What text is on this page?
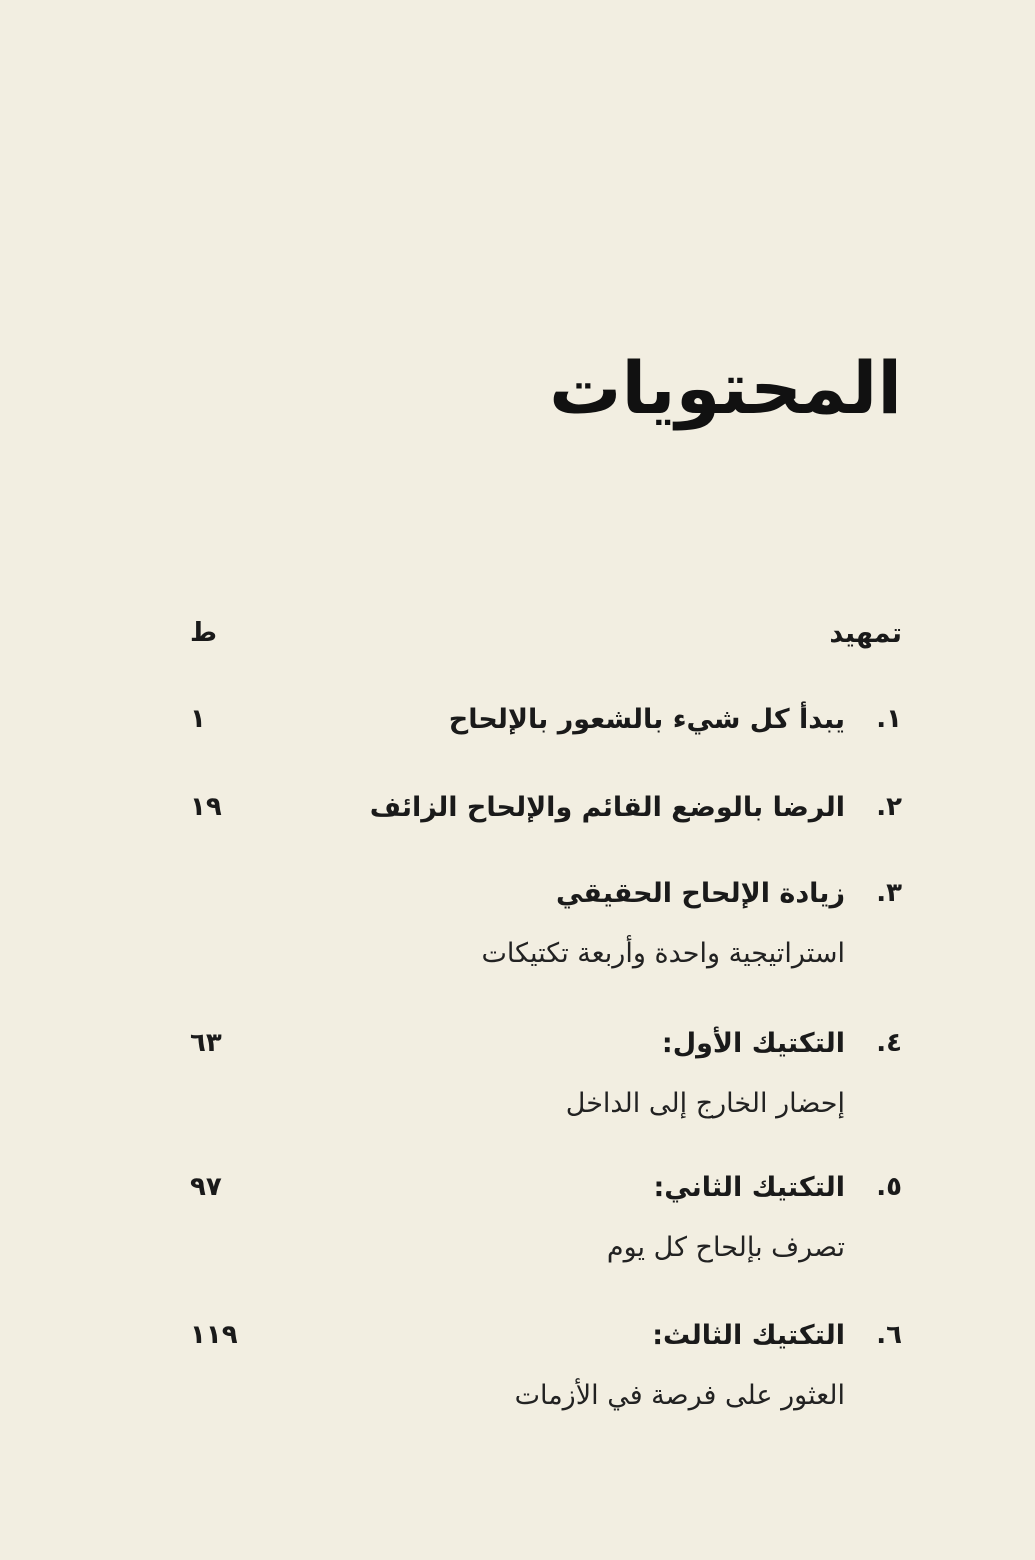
المحتويات
تمهيد
ط
١.
يبدأ كل شيء بالشعور بالإلحاح
١
٢.
الرضا بالوضع القائم والإلحاح الزائف
١٩
٣.
زيادة الإلحاح الحقيقي
استراتيجية واحدة وأربعة تكتيكات
٤.
التكتيك الأول:
إحضار الخارج إلى الداخل
٦٣
٥.
التكتيك الثاني:
تصرف بإلحاح كل يوم
٩٧
٦.
التكتيك الثالث:
العثور على فرصة في الأزمات
١١٩
